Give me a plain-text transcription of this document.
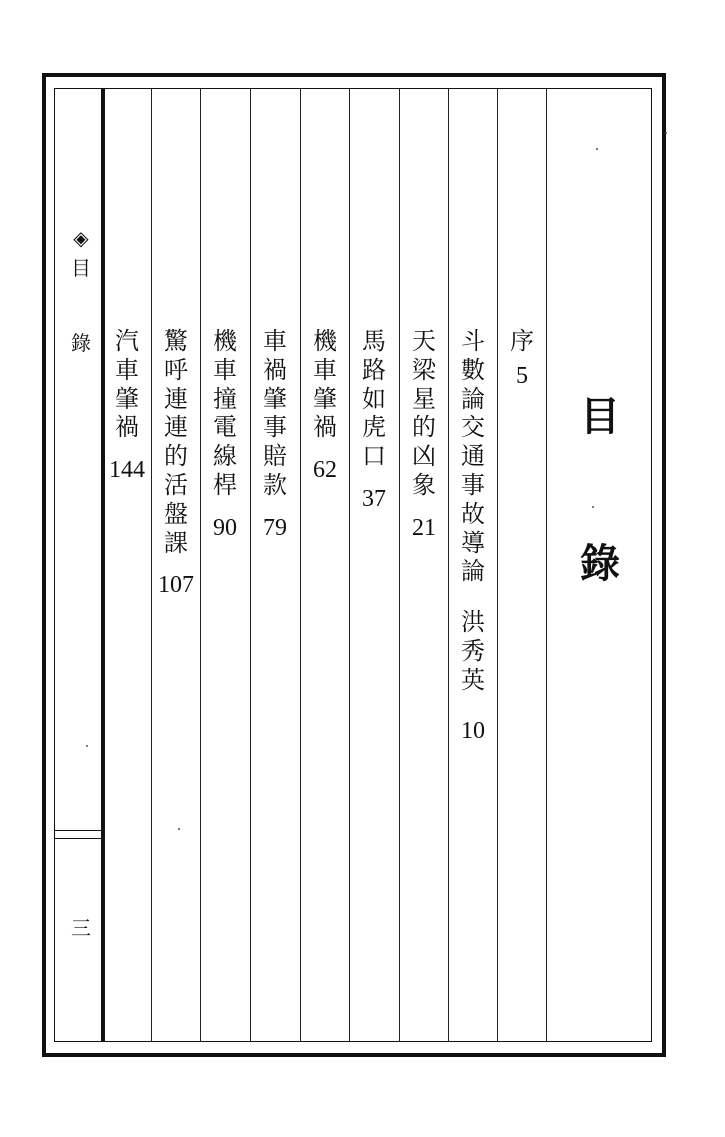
◈
目
錄
三
序
5
斗
數
論
交
通
事
故
導
論
洪
秀
英
10
天
梁
星
的
凶
象
21
馬
路
如
虎
口
37
機
車
肇
禍
62
車
禍
肇
事
賠
款
79
機
車
撞
電
線
桿
90
驚
呼
連
連
的
活
盤
課
107
汽
車
肇
禍
144
目
錄
